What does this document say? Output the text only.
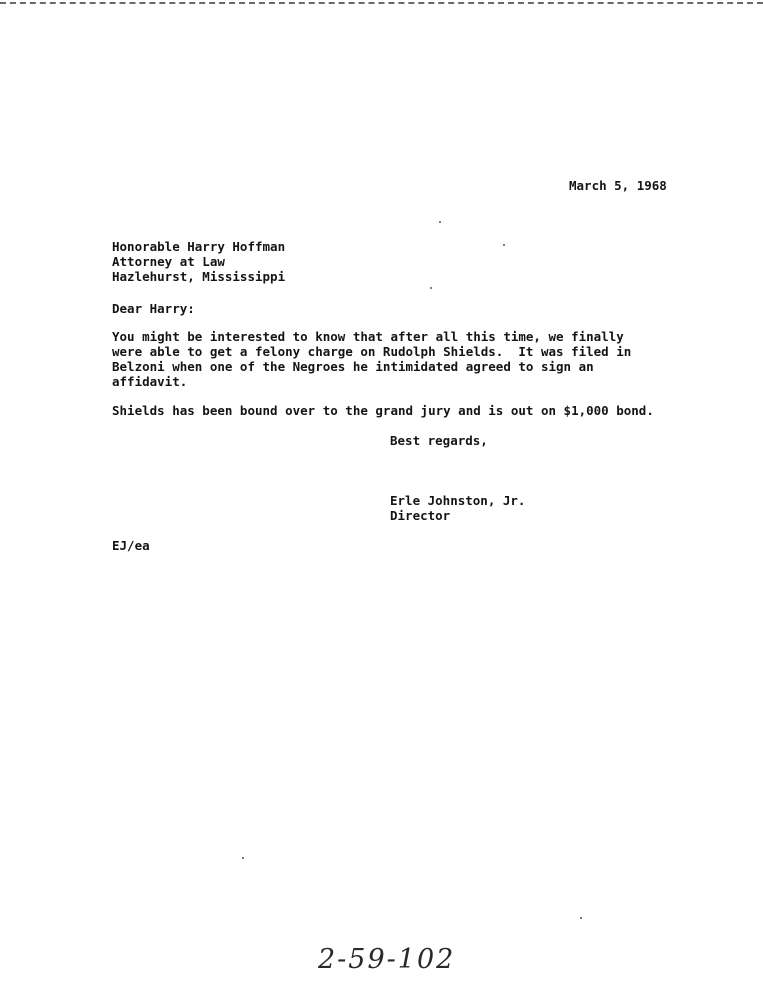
March 5, 1968
Honorable Harry Hoffman
Attorney at Law
Hazlehurst, Mississippi
Dear Harry:
You might be interested to know that after all this time, we finally
were able to get a felony charge on Rudolph Shields.  It was filed in
Belzoni when one of the Negroes he intimidated agreed to sign an
affidavit.
Shields has been bound over to the grand jury and is out on $1,000 bond.
Best regards,
Erle Johnston, Jr.
Director
EJ/ea
2-59-102
